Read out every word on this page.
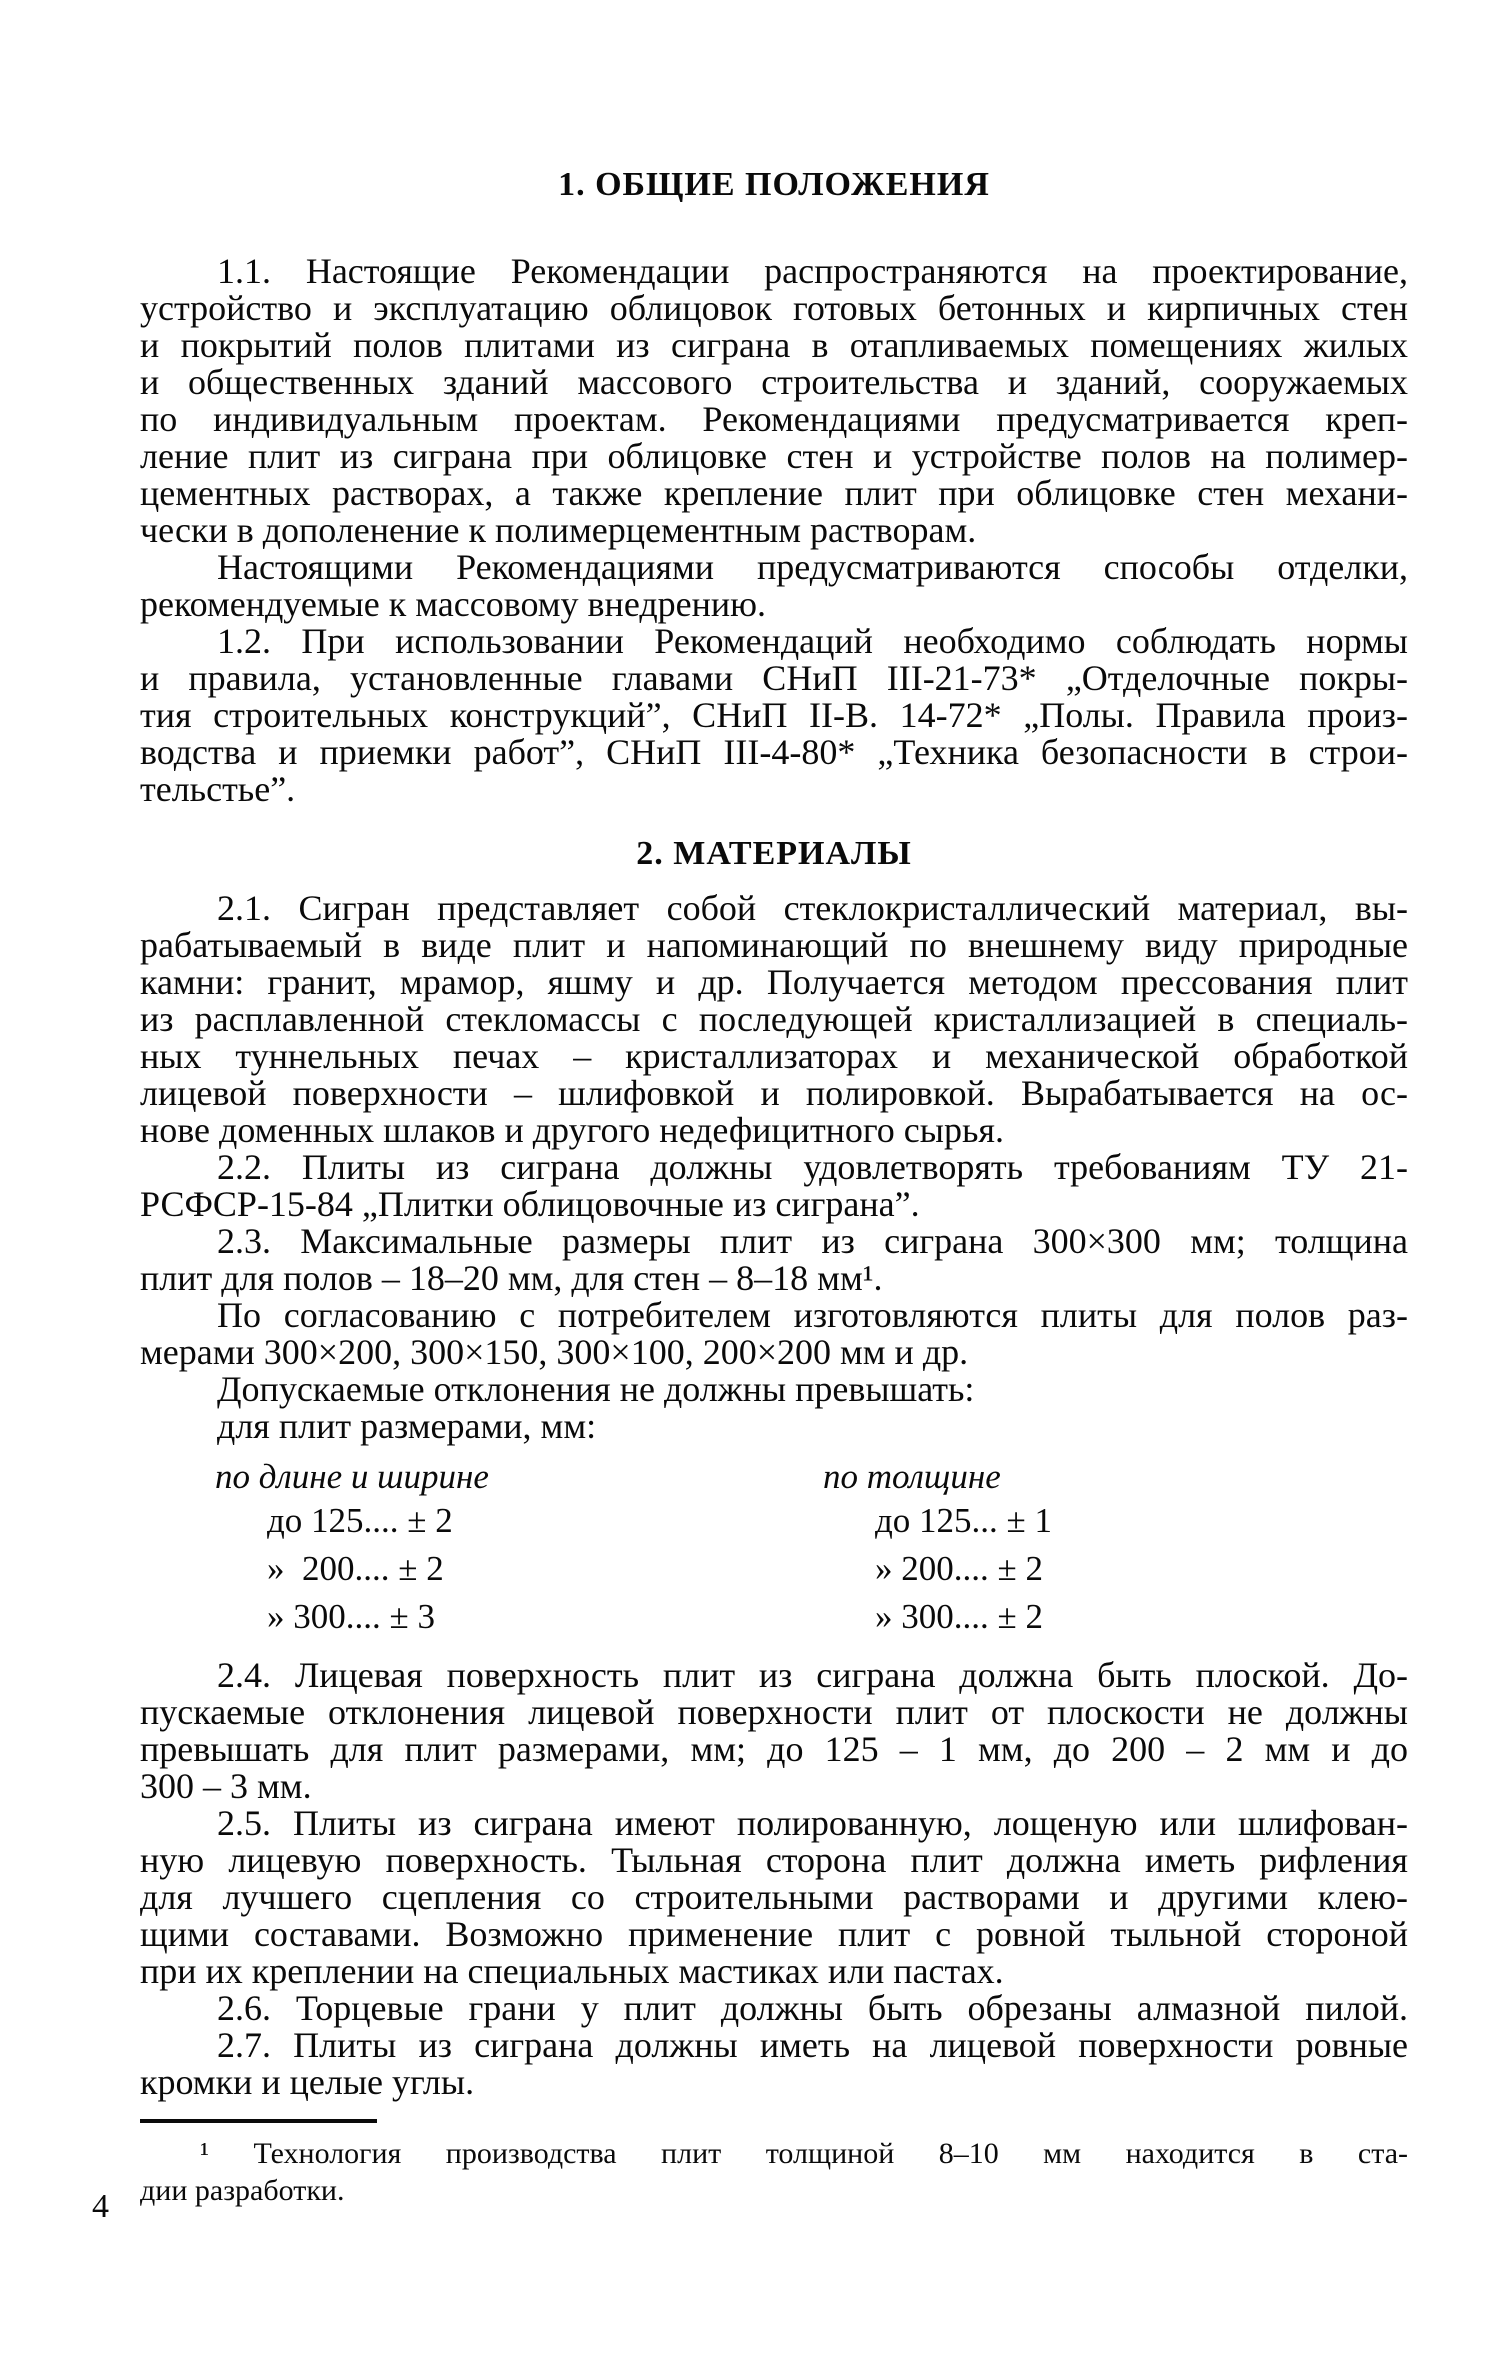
1. ОБЩИЕ ПОЛОЖЕНИЯ
1.1. Настоящие Рекомендации распространяются на проектирование,
устройство и эксплуатацию облицовок готовых бетонных и кирпичных стен
и покрытий полов плитами из сиграна в отапливаемых помещениях жилых
и общественных зданий массового строительства и зданий, сооружаемых
по индивидуальным проектам. Рекомендациями предусматривается креп-
ление плит из сиграна при облицовке стен и устройстве полов на полимер-
цементных растворах, а также крепление плит при облицовке стен механи-
чески в дополенение к полимерцементным растворам.
Настоящими Рекомендациями предусматриваются способы отделки,
рекомендуемые к массовому внедрению.
1.2. При использовании Рекомендаций необходимо соблюдать нормы
и правила, установленные главами СНиП III-21-73* „Отделочные покры-
тия строительных конструкций”, СНиП II-В. 14-72* „Полы. Правила произ-
водства и приемки работ”, СНиП III-4-80* „Техника безопасности в строи-
тельстье”.
2. МАТЕРИАЛЫ
2.1. Сигран представляет собой стеклокристаллический материал, вы-
рабатываемый в виде плит и напоминающий по внешнему виду природные
камни: гранит, мрамор, яшму и др. Получается методом прессования плит
из расплавленной стекломассы с последующей кристаллизацией в специаль-
ных туннельных печах – кристаллизаторах и механической обработкой
лицевой поверхности – шлифовкой и полировкой. Вырабатывается на ос-
нове доменных шлаков и другого недефицитного сырья.
2.2. Плиты из сиграна должны удовлетворять требованиям ТУ 21-
РСФСР-15-84 „Плитки облицовочные из сиграна”.
2.3. Максимальные размеры плит из сиграна 300×300 мм; толщина
плит для полов – 18–20 мм, для стен – 8–18 мм¹.
По согласованию с потребителем изготовляются плиты для полов раз-
мерами 300×200, 300×150, 300×100, 200×200 мм и др.
Допускаемые отклонения не должны превышать:
для плит размерами, мм:
по длине и ширине
до 125.... ± 2
»  200.... ± 2
» 300.... ± 3
по толщине
до 125... ± 1
» 200.... ± 2
» 300.... ± 2
2.4. Лицевая поверхность плит из сиграна должна быть плоской. До-
пускаемые отклонения лицевой поверхности плит от плоскости не должны
превышать для плит размерами, мм; до 125 – 1 мм, до 200 – 2 мм и до
300 – 3 мм.
2.5. Плиты из сиграна имеют полированную, лощеную или шлифован-
ную лицевую поверхность. Тыльная сторона плит должна иметь рифления
для лучшего сцепления со строительными растворами и другими клею-
щими составами. Возможно применение плит с ровной тыльной стороной
при их креплении на специальных мастиках или пастах.
2.6. Торцевые грани у плит должны быть обрезаны алмазной пилой.
2.7. Плиты из сиграна должны иметь на лицевой поверхности ровные
кромки и целые углы.
¹ Технология производства плит толщиной 8–10 мм находится в ста-
дии разработки.
4
